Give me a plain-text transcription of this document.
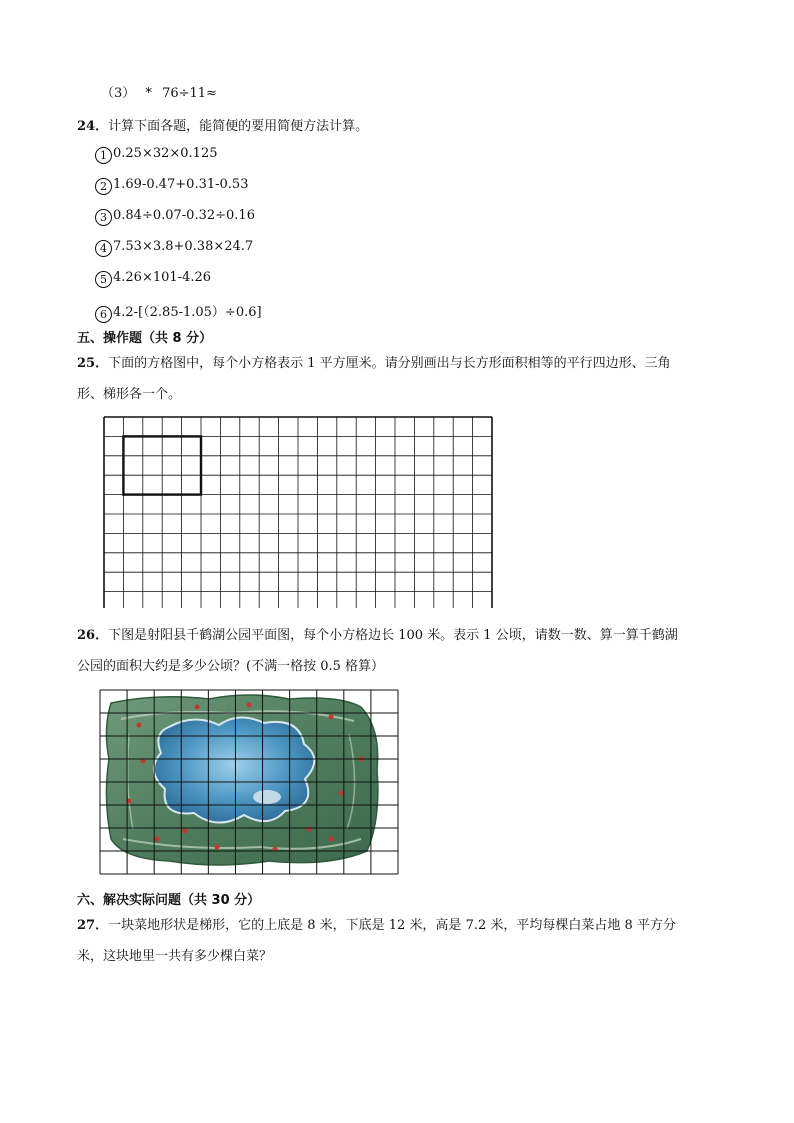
（3） * 76÷11≈
24．计算下面各题，能简便的要用简便方法计算。
1 0.25×32×0.125
2 1.69-0.47+0.31-0.53
3 0.84÷0.07-0.32÷0.16
4 7.53×3.8+0.38×24.7
5 4.26×101-4.26
6 4.2-[（2.85-1.05）÷0.6]
五、操作题（共 8 分）
25．下面的方格图中，每个小方格表示 1 平方厘米。请分别画出与长方形面积相等的平行四边形、三角
形、梯形各一个。
26．下图是射阳县千鹤湖公园平面图，每个小方格边长 100 米。表示 1 公顷，请数一数、算一算千鹤湖
公园的面积大约是多少公顷？(不满一格按 0.5 格算）
六、解决实际问题（共 30 分）
27．一块菜地形状是梯形，它的上底是 8 米，下底是 12 米，高是 7.2 米，平均每棵白菜占地 8 平方分
米，这块地里一共有多少棵白菜？
